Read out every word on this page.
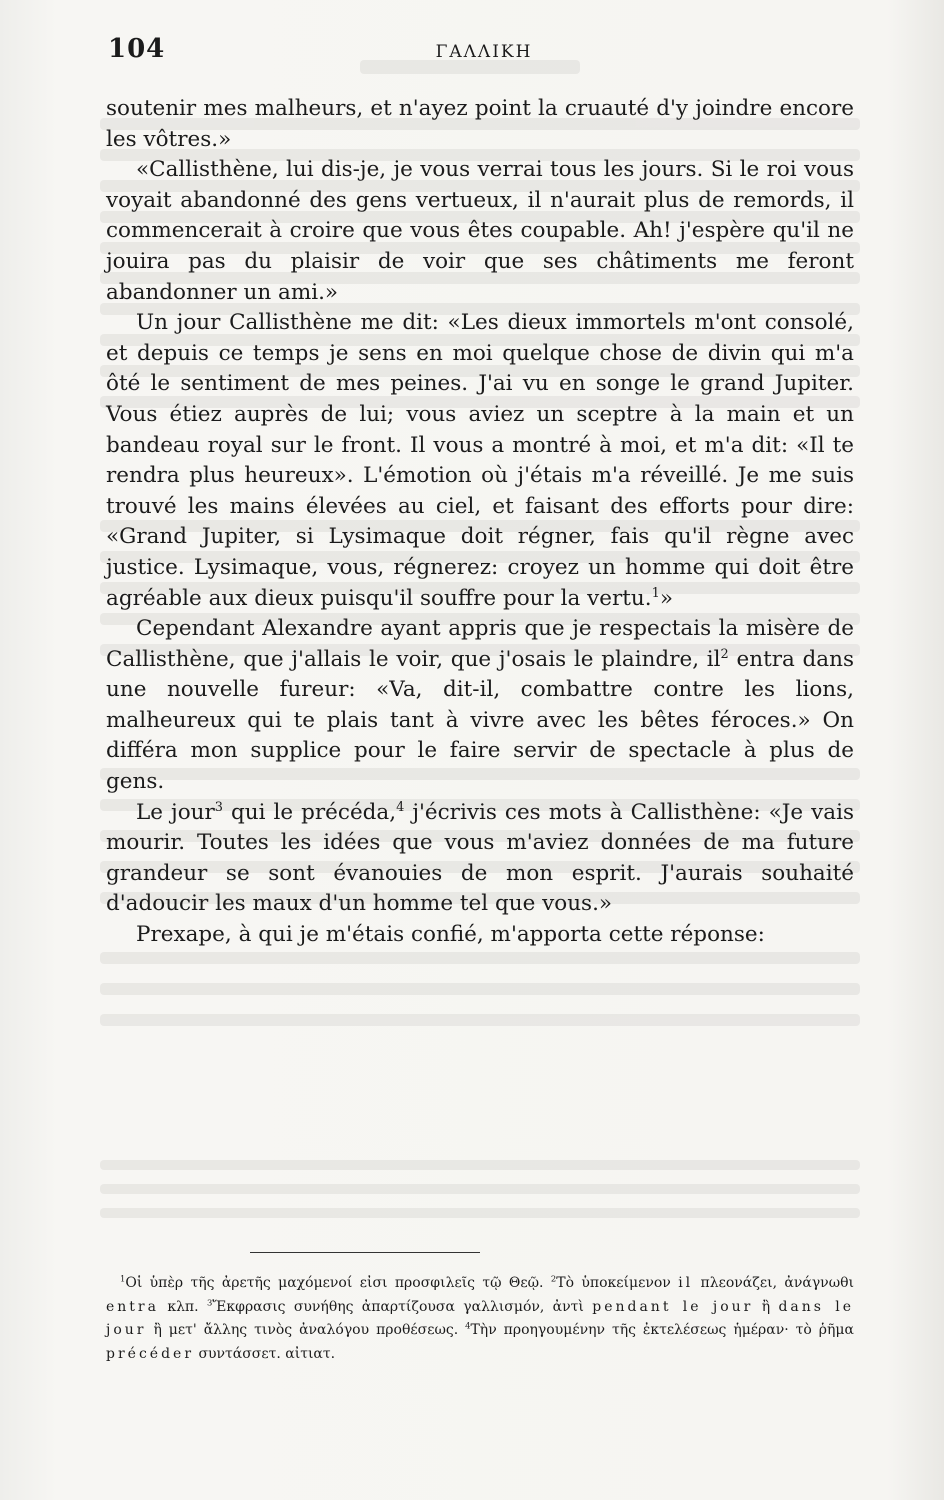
104	ΓΑΛΛΙΚΗ

soutenir mes malheurs, et n'ayez point la cruauté d'y joindre encore les vôtres.»

«Callisthène, lui dis-je, je vous verrai tous les jours. Si le roi vous voyait abandonné des gens vertueux, il n'aurait plus de remords, il commencerait à croire que vous êtes coupable. Ah! j'espère qu'il ne jouira pas du plaisir de voir que ses châtiments me feront abandonner un ami.»

Un jour Callisthène me dit: «Les dieux immortels m'ont consolé, et depuis ce temps je sens en moi quelque chose de divin qui m'a ôté le sentiment de mes peines. J'ai vu en songe le grand Jupiter. Vous étiez auprès de lui; vous aviez un sceptre à la main et un bandeau royal sur le front. Il vous a montré à moi, et m'a dit: «Il te rendra plus heureux». L'émotion où j'étais m'a réveillé. Je me suis trouvé les mains élevées au ciel, et faisant des efforts pour dire: «Grand Jupiter, si Lysimaque doit régner, fais qu'il règne avec justice. Lysimaque, vous, régnerez: croyez un homme qui doit être agréable aux dieux puisqu'il souffre pour la vertu.$^1$»

Cependant Alexandre ayant appris que je respectais la misère de Callisthène, que j'allais le voir, que j'osais le plaindre, $il^2$ entra dans une nouvelle fureur: «Va, dit-il, combattre contre les lions, malheureux qui te plais tant à vivre avec les bêtes féroces.» On différa mon supplice pour le faire servir de spectacle à plus de gens.

Le jour$^3$ qui le précéda,$^4$ j'écrivis ces mots à Callisthène: «Je vais mourir. Toutes les idées que vous m'aviez données de ma future grandeur se sont évanouies de mon esprit. J'aurais souhaité d'adoucir les maux d'un homme tel que vous.»

Prexape, à qui je m'étais confié, m'apporta cette réponse:

$^1$Οἱ ὑπὲρ τῆς ἀρετῆς μαχόμενοί εἰσι προσφιλεῖς τῷ Θεῷ. $^2$Τὸ ὑποκείμενον il πλεονάζει, ἀνάγνωθι entra κλπ. $^3$Ἔκφρασις συνήθης ἀπαρτίζουσα γαλλισμόν, ἀντὶ pendant le jour ἢ dans le jour ἢ μετ' ἄλλης τινὸς ἀναλόγου προθέσεως. $^4$Τὴν προηγουμένην τῆς ἐκτελέσεως ἡμέραν· τὸ ῥῆμα précéder συντάσσετ. αἰτιατ.
